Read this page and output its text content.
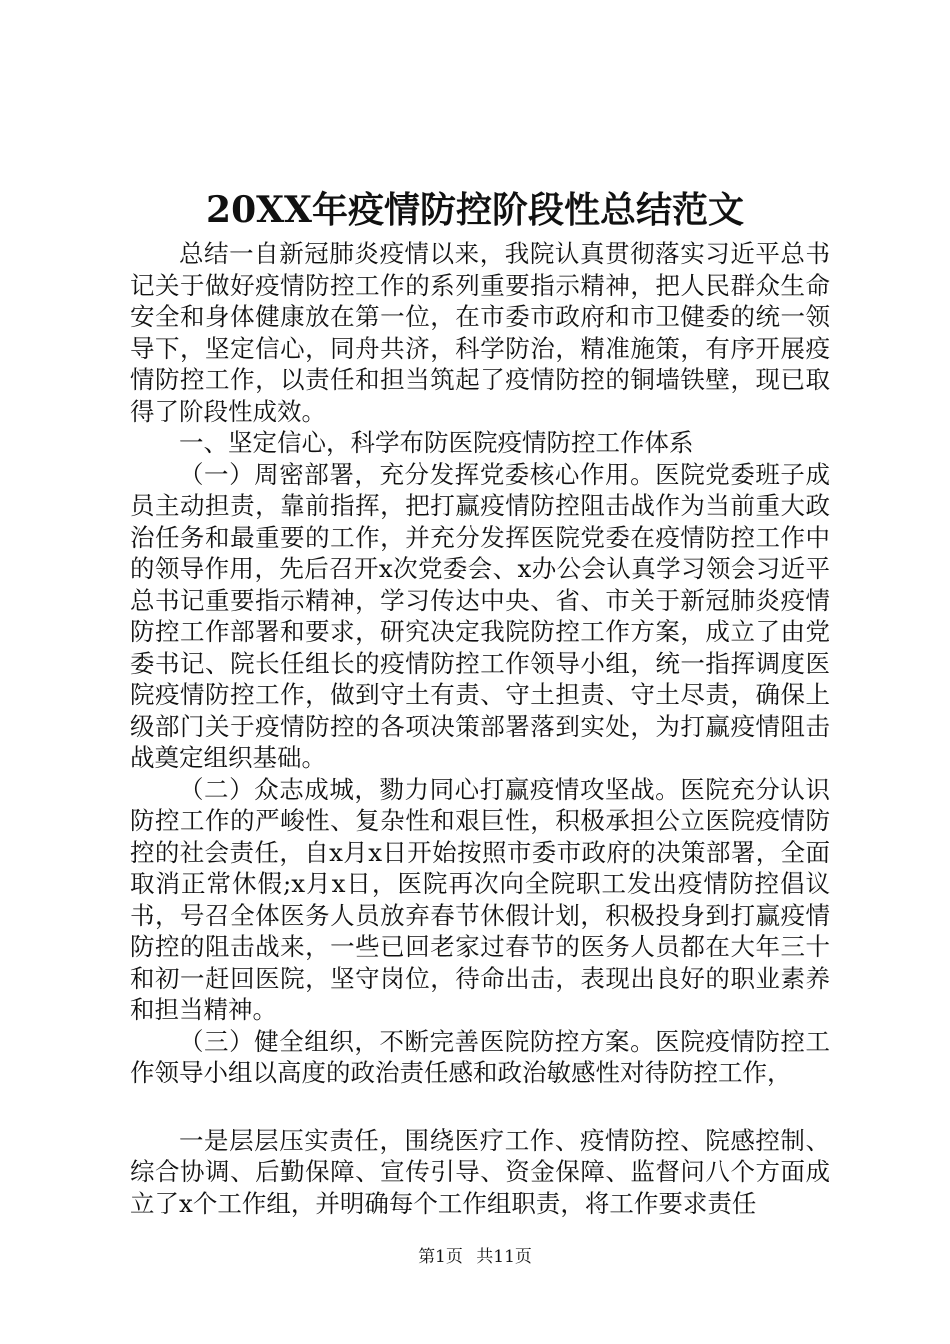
20XX年疫情防控阶段性总结范文

总结一自新冠肺炎疫情以来，我院认真贯彻落实习近平总书记关于做好疫情防控工作的系列重要指示精神，把人民群众生命安全和身体健康放在第一位，在市委市政府和市卫健委的统一领导下，坚定信心，同舟共济，科学防治，精准施策，有序开展疫情防控工作，以责任和担当筑起了疫情防控的铜墙铁壁，现已取得了阶段性成效。

一、坚定信心，科学布防医院疫情防控工作体系

（一）周密部署，充分发挥党委核心作用。医院党委班子成员主动担责，靠前指挥，把打赢疫情防控阻击战作为当前重大政治任务和最重要的工作，并充分发挥医院党委在疫情防控工作中的领导作用，先后召开x次党委会、x办公会认真学习领会习近平总书记重要指示精神，学习传达中央、省、市关于新冠肺炎疫情防控工作部署和要求，研究决定我院防控工作方案，成立了由党委书记、院长任组长的疫情防控工作领导小组，统一指挥调度医院疫情防控工作，做到守土有责、守土担责、守土尽责，确保上级部门关于疫情防控的各项决策部署落到实处，为打赢疫情阻击战奠定组织基础。

（二）众志成城，勠力同心打赢疫情攻坚战。医院充分认识防控工作的严峻性、复杂性和艰巨性，积极承担公立医院疫情防控的社会责任，自x月x日开始按照市委市政府的决策部署，全面取消正常休假;x月x日，医院再次向全院职工发出疫情防控倡议书，号召全体医务人员放弃春节休假计划，积极投身到打赢疫情防控的阻击战来，一些已回老家过春节的医务人员都在大年三十和初一赶回医院，坚守岗位，待命出击，表现出良好的职业素养和担当精神。

（三）健全组织，不断完善医院防控方案。医院疫情防控工作领导小组以高度的政治责任感和政治敏感性对待防控工作，

一是层层压实责任，围绕医疗工作、疫情防控、院感控制、综合协调、后勤保障、宣传引导、资金保障、监督问八个方面成立了x个工作组，并明确每个工作组职责，将工作要求责任

第1页 共11页
